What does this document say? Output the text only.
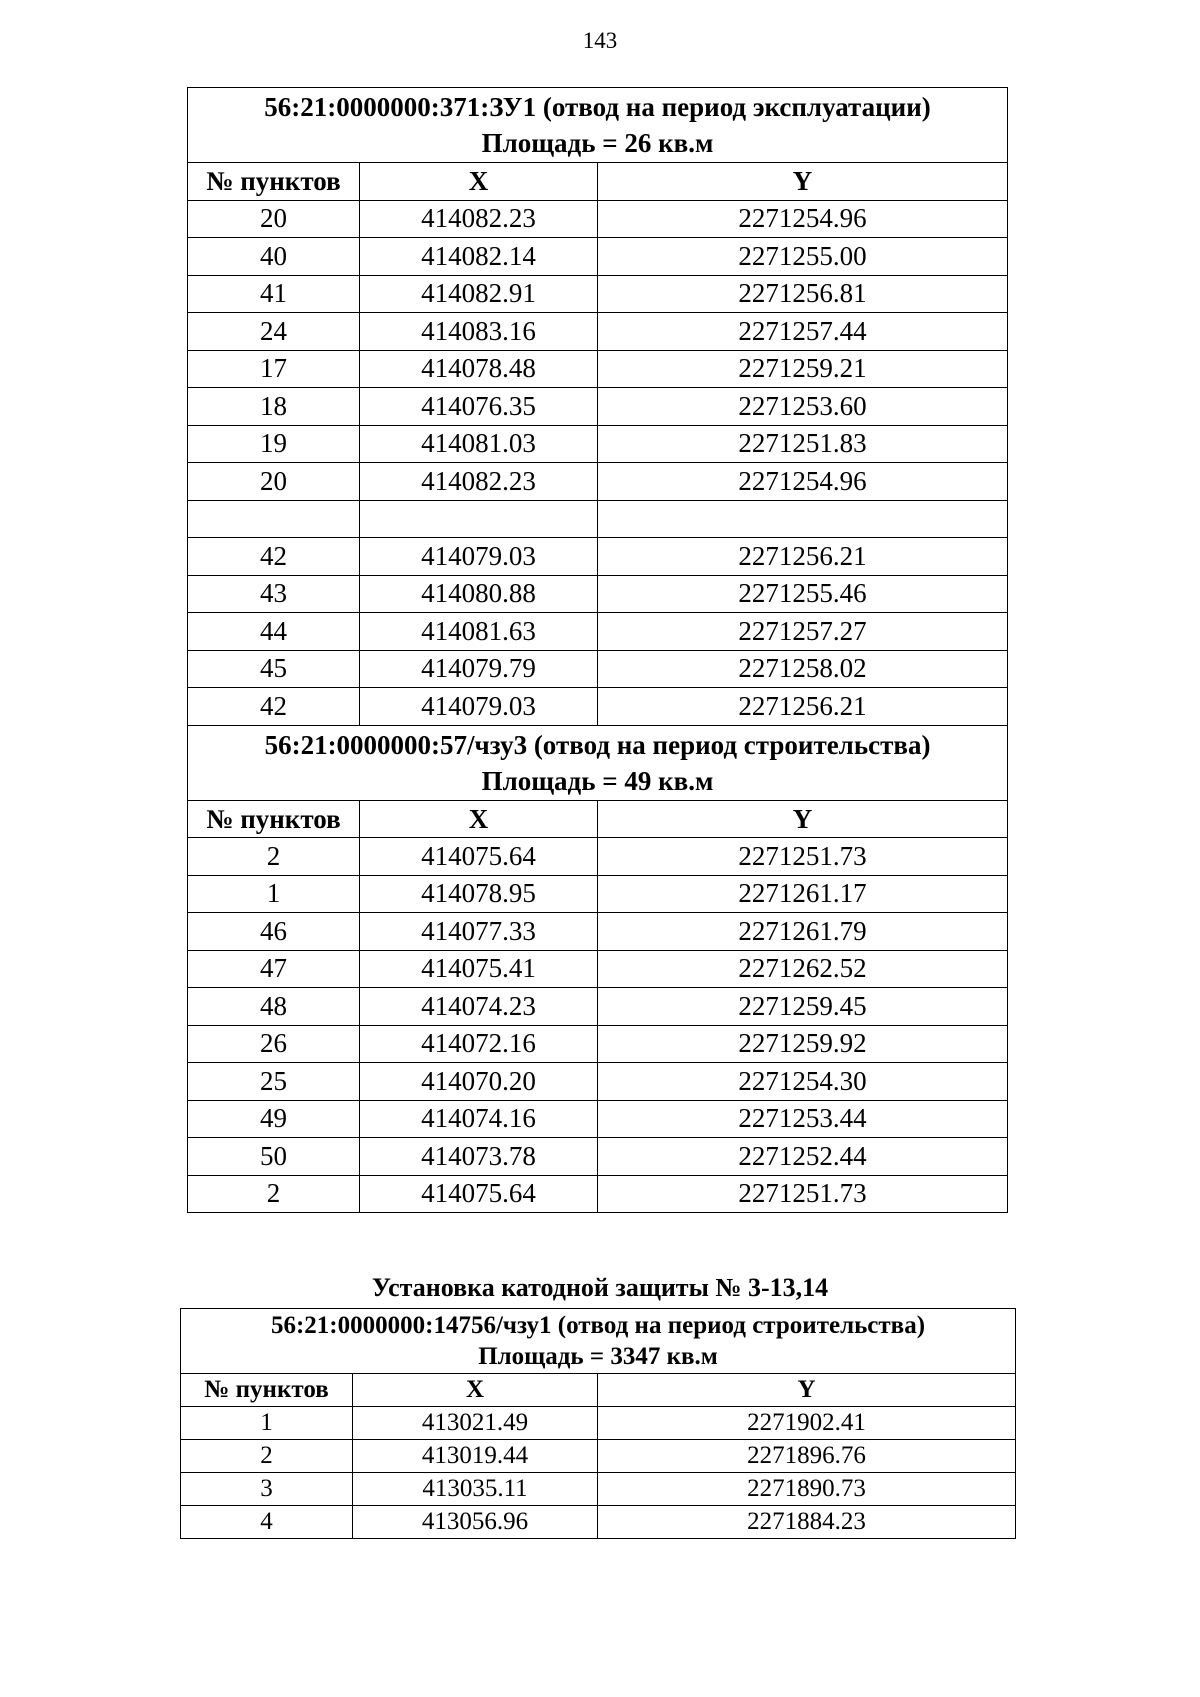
143
56:21:0000000:371:ЗУ1 (отвод на период эксплуатации)
Площадь = 26 кв.м		

№ пунктов	X	Y
20	414082.23	2271254.96
40	414082.14	2271255.00
41	414082.91	2271256.81
24	414083.16	2271257.44
17	414078.48	2271259.21
18	414076.35	2271253.60
19	414081.03	2271251.83
20	414082.23	2271254.96

42	414079.03	2271256.21
43	414080.88	2271255.46
44	414081.63	2271257.27
45	414079.79	2271258.02
42	414079.03	2271256.21

56:21:0000000:57/чзу3 (отвод на период строительства)
Площадь = 49 кв.м		

№ пунктов	X	Y
2	414075.64	2271251.73
1	414078.95	2271261.17
46	414077.33	2271261.79
47	414075.41	2271262.52
48	414074.23	2271259.45
26	414072.16	2271259.92
25	414070.20	2271254.30
49	414074.16	2271253.44
50	414073.78	2271252.44
2	414075.64	2271251.73
Установка катодной защиты № 3-13,14
56:21:0000000:14756/чзу1 (отвод на период строительства)
Площадь = 3347 кв.м		

№ пунктов	X	Y
1	413021.49	2271902.41
2	413019.44	2271896.76
3	413035.11	2271890.73
4	413056.96	2271884.23
